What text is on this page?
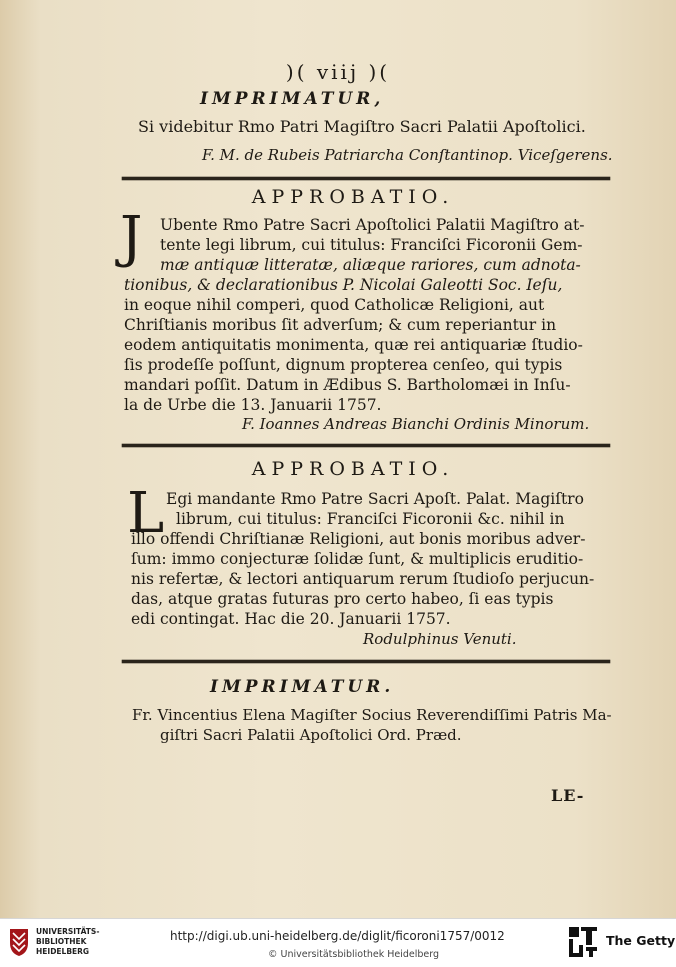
)( viij )(
IMPRIMATUR,
Si videbitur Rmo Patri Magiſtro Sacri Palatii Apoſtolici.
F. M. de Rubeis Patriarcha Conſtantinop. Viceſgerens.
APPROBATIO.
J Ubente Rmo Patre Sacri Apoſtolici Palatii Magiſtro at-
tente legi librum, cui titulus: Franciſci Ficoronii Gem-
mæ antiquæ litteratæ, aliæque rariores, cum adnota-
tionibus, & declarationibus P. Nicolai Galeotti Soc. Ieſu,
in eoque nihil comperi, quod Catholicæ Religioni, aut
Chriſtianis moribus ſit adverſum; & cum reperiantur in
eodem antiquitatis monimenta, quæ rei antiquariæ ſtudio-
ſis prodeſſe poſſunt, dignum propterea cenſeo, qui typis
mandari poſſit. Datum in Ædibus S. Bartholomæi in Inſu-
la de Urbe die 13. Januarii 1757.
F. Ioannes Andreas Bianchi Ordinis Minorum.
APPROBATIO.
L Egi mandante Rmo Patre Sacri Apoſt. Palat. Magiſtro
librum, cui titulus: Franciſci Ficoronii &c. nihil in
illo offendi Chriſtianæ Religioni, aut bonis moribus adver-
ſum: immo conjecturæ ſolidæ ſunt, & multiplicis eruditio-
nis refertæ, & lectori antiquarum rerum ſtudioſo perjucun-
das, atque gratas futuras pro certo habeo, ſi eas typis
edi contingat. Hac die 20. Januarii 1757.
Rodulphinus Venuti.
IMPRIMATUR.
Fr. Vincentius Elena Magiſter Socius Reverendiſſimi Patris Ma-
giſtri Sacri Palatii Apoſtolici Ord. Præd.
LE-
UNIVERSITÄTS-
BIBLIOTHEK
HEIDELBERG
http://digi.ub.uni-heidelberg.de/diglit/ficoroni1757/0012
© Universitätsbibliothek Heidelberg
The Getty
